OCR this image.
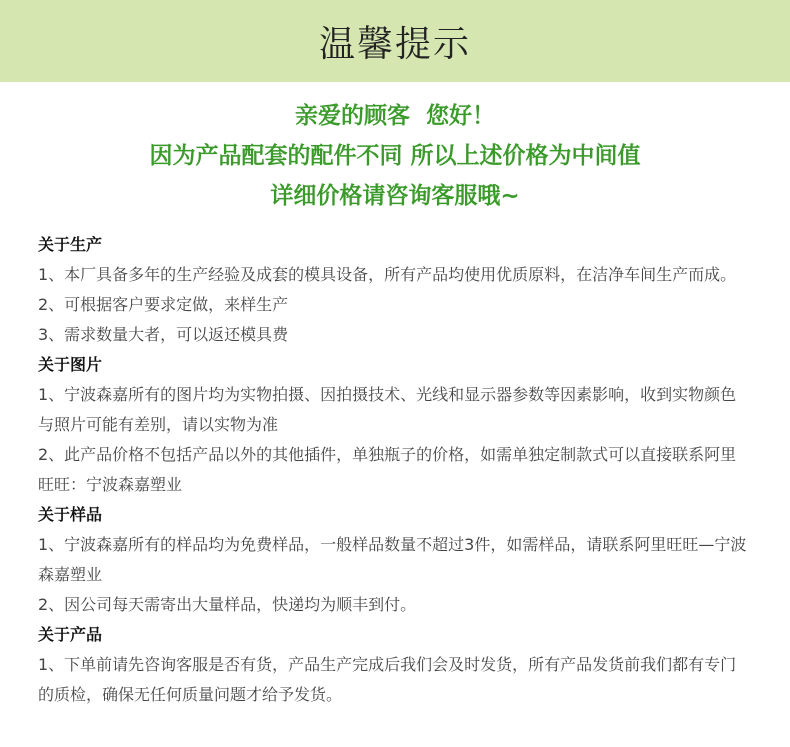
温馨提示
亲爱的顾客  您好！
因为产品配套的配件不同 所以上述价格为中间值
详细价格请咨询客服哦~
关于生产
1、本厂具备多年的生产经验及成套的模具设备，所有产品均使用优质原料，在洁净车间生产而成。
2、可根据客户要求定做，来样生产
3、需求数量大者，可以返还模具费
关于图片
1、宁波森嘉所有的图片均为实物拍摄、因拍摄技术、光线和显示器参数等因素影响，收到实物颜色与照片可能有差别，请以实物为准
2、此产品价格不包括产品以外的其他插件，单独瓶子的价格，如需单独定制款式可以直接联系阿里旺旺：宁波森嘉塑业
关于样品
1、宁波森嘉所有的样品均为免费样品，一般样品数量不超过3件，如需样品，请联系阿里旺旺—宁波森嘉塑业
2、因公司每天需寄出大量样品，快递均为顺丰到付。
关于产品
1、下单前请先咨询客服是否有货，产品生产完成后我们会及时发货，所有产品发货前我们都有专门的质检，确保无任何质量问题才给予发货。
